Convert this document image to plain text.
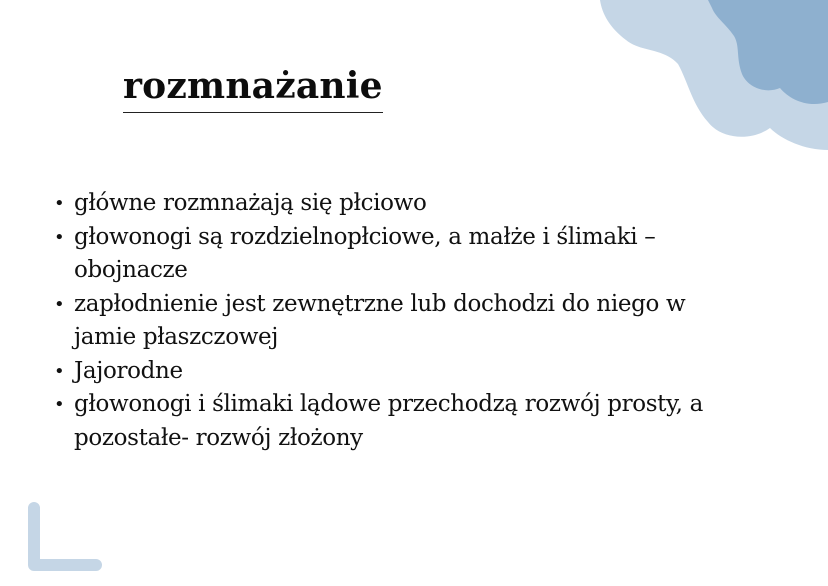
rozmnażanie
• główne rozmnażają się płciowo
• głowonogi są rozdzielnopłciowe, a małże i ślimaki – obojnacze
• zapłodnienie jest zewnętrzne lub dochodzi do niego w jamie płaszczowej
• Jajorodne
• głowonogi i ślimaki lądowe przechodzą rozwój prosty, a pozostałe- rozwój złożony
